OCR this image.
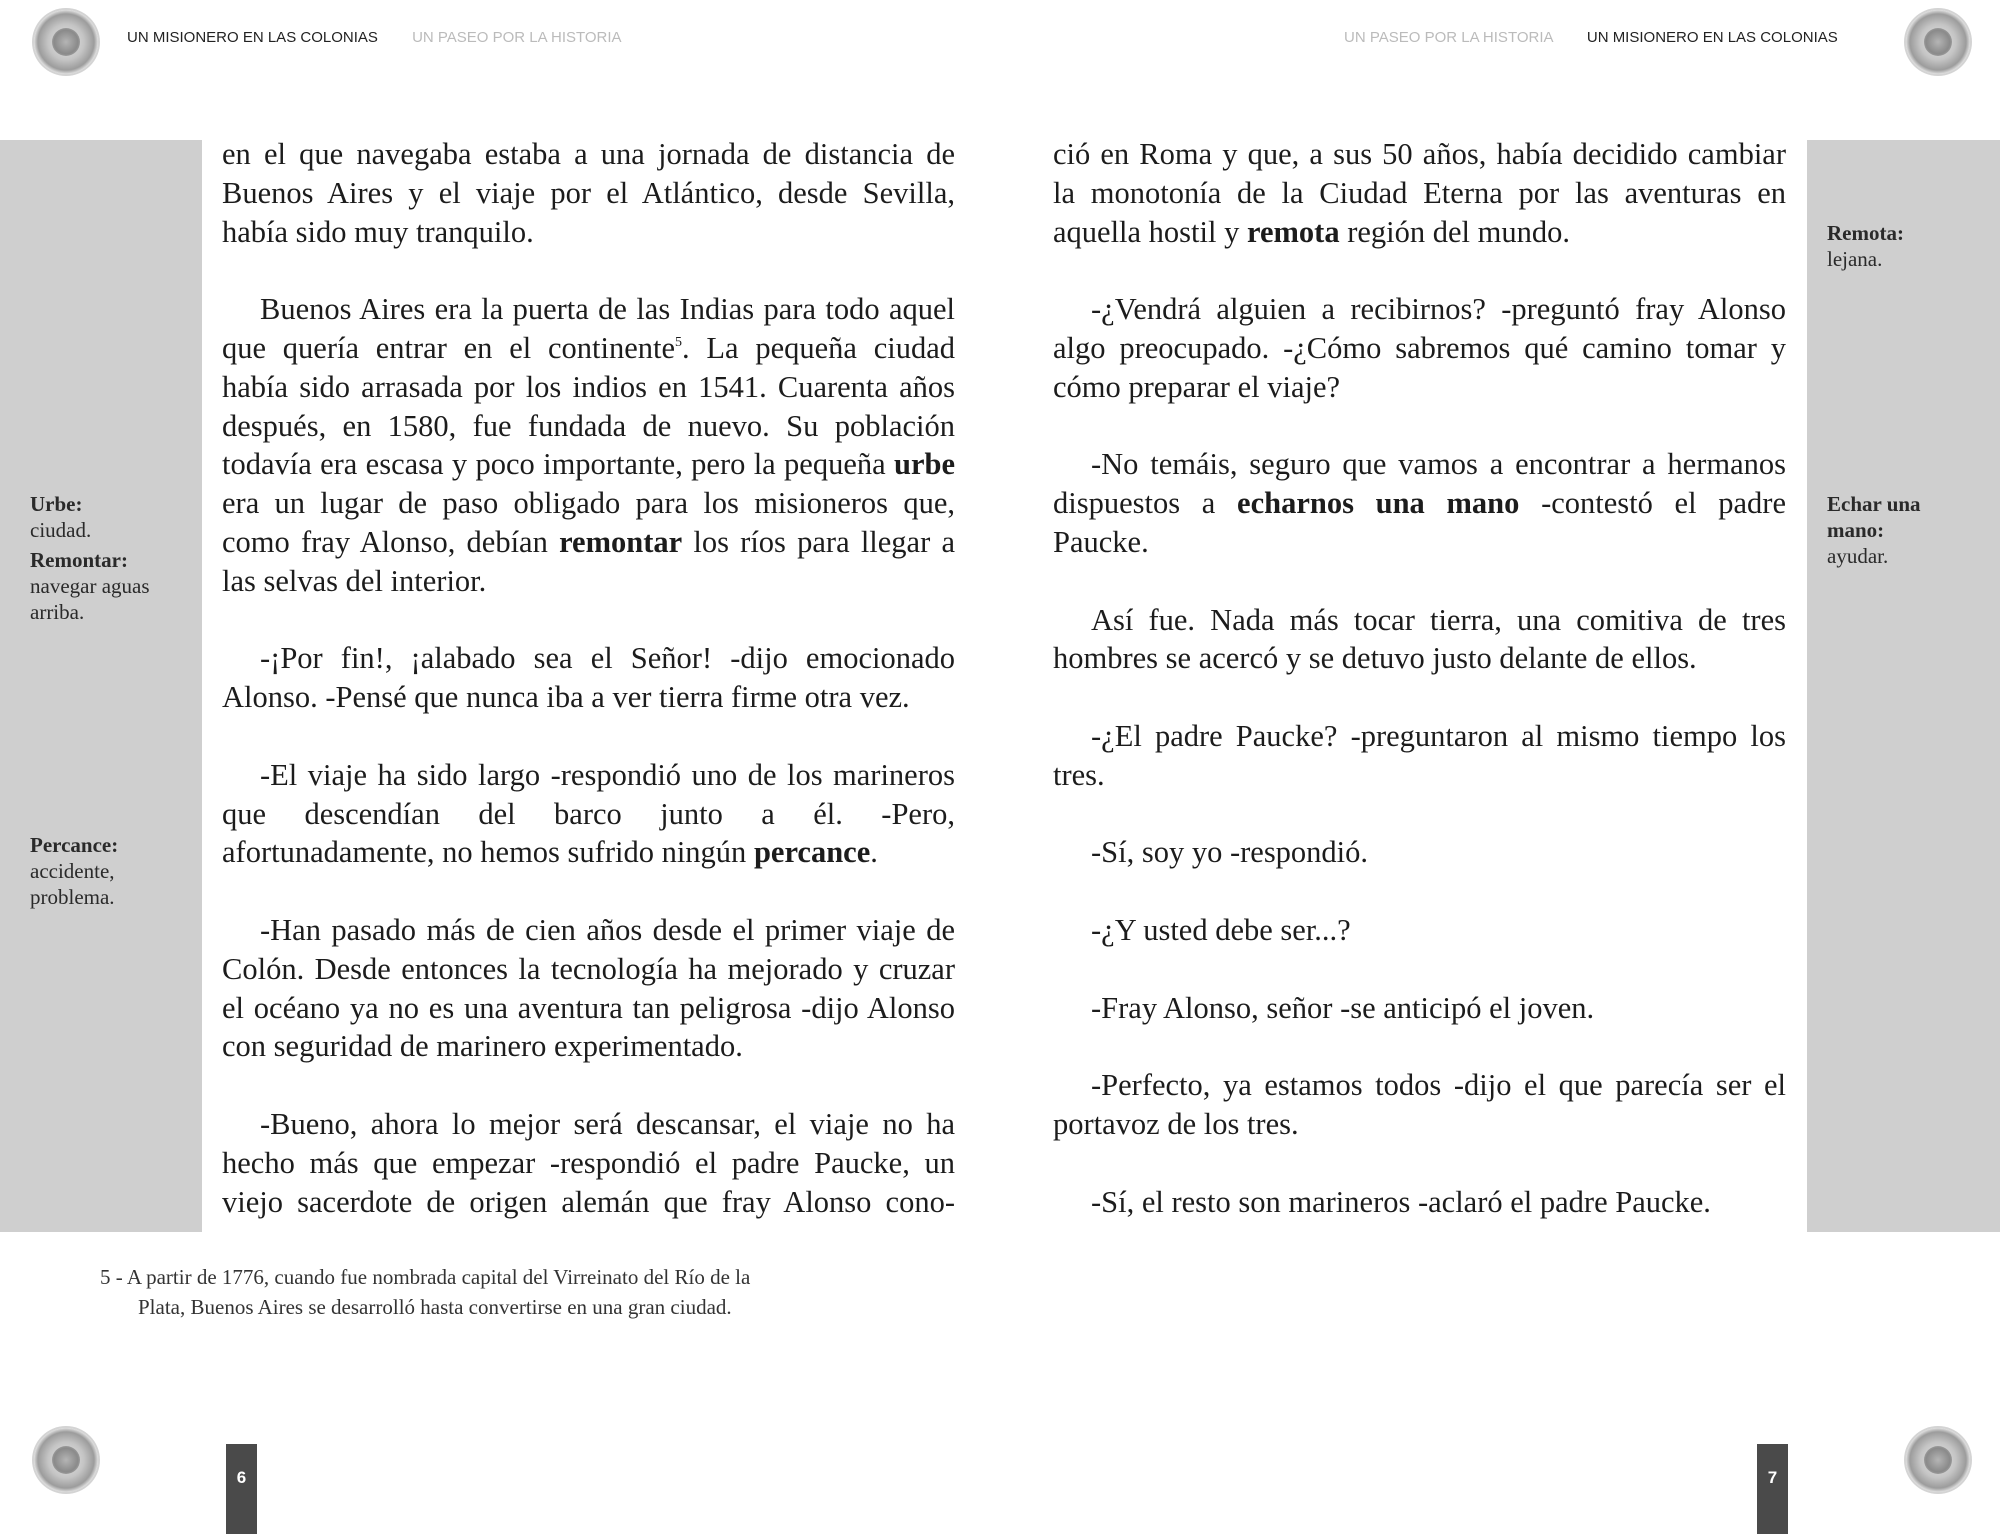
UN MISIONERO EN LAS COLONIAS UN PASEO POR LA HISTORIA
Urbe:
ciudad.
Remontar:
navegar aguas arriba.
Percance:
accidente, problema.

en el que navegaba estaba a una jornada de distancia de Buenos Aires y el viaje por el Atlántico, desde Sevilla, había sido muy tranquilo.

Buenos Aires era la puerta de las Indias para todo aquel que quería entrar en el continente$^5$. La pequeña ciudad había sido arrasada por los indios en 1541. Cuarenta años después, en 1580, fue fundada de nuevo. Su población todavía era escasa y poco importante, pero la pequeña urbe era un lugar de paso obligado para los misioneros que, como fray Alonso, debían remontar los ríos para llegar a las selvas del interior.

-¡Por fin!, ¡alabado sea el Señor! -dijo emocionado Alonso. -Pensé que nunca iba a ver tierra firme otra vez.

-El viaje ha sido largo -respondió uno de los marineros que descendían del barco junto a él. -Pero, afortunadamente, no hemos sufrido ningún percance.

-Han pasado más de cien años desde el primer viaje de Colón. Desde entonces la tecnología ha mejorado y cruzar el océano ya no es una aventura tan peligrosa -dijo Alonso con seguridad de marinero experimentado.

-Bueno, ahora lo mejor será descansar, el viaje no ha hecho más que empezar -respondió el padre Paucke, un viejo sacerdote de origen alemán que fray Alonso cono-

5 - A partir de 1776, cuando fue nombrada capital del Virreinato del Río de la
Plata, Buenos Aires se desarrolló hasta convertirse en una gran ciudad.
6
UN PASEO POR LA HISTORIA UN MISIONERO EN LAS COLONIAS
Remota:
lejana.
Echar una mano:
ayudar.

ció en Roma y que, a sus 50 años, había decidido cambiar la monotonía de la Ciudad Eterna por las aventuras en aquella hostil y remota región del mundo.

-¿Vendrá alguien a recibirnos? -preguntó fray Alonso algo preocupado. -¿Cómo sabremos qué camino tomar y cómo preparar el viaje?

-No temáis, seguro que vamos a encontrar a hermanos dispuestos a echarnos una mano -contestó el padre Paucke.

Así fue. Nada más tocar tierra, una comitiva de tres hombres se acercó y se detuvo justo delante de ellos.

-¿El padre Paucke? -preguntaron al mismo tiempo los tres.

-Sí, soy yo -respondió.

-¿Y usted debe ser...?

-Fray Alonso, señor -se anticipó el joven.

-Perfecto, ya estamos todos -dijo el que parecía ser el portavoz de los tres.

-Sí, el resto son marineros -aclaró el padre Paucke.

7
